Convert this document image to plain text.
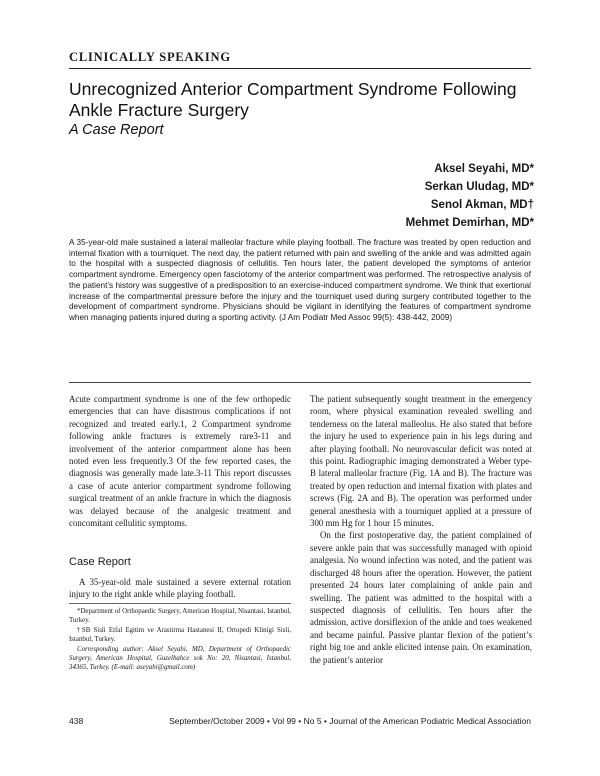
CLINICALLY SPEAKING
Unrecognized Anterior Compartment Syndrome Following
Ankle Fracture Surgery
A Case Report
Aksel Seyahi, MD*
Serkan Uludag, MD*
Senol Akman, MD†
Mehmet Demirhan, MD*
A 35-year-old male sustained a lateral malleolar fracture while playing football. The fracture was treated by open reduction and internal fixation with a tourniquet. The next day, the patient returned with pain and swelling of the ankle and was admitted again to the hospital with a suspected diagnosis of cellulitis. Ten hours later, the patient developed the symptoms of anterior compartment syndrome. Emergency open fasciotomy of the anterior compartment was performed. The retrospective analysis of the patient’s history was suggestive of a predisposition to an exercise-induced compartment syndrome. We think that exertional increase of the compartmental pressure before the injury and the tourniquet used during surgery contributed together to the development of compartment syndrome. Physicians should be vigilant in identifying the features of compartment syndrome when managing patients injured during a sporting activity. (J Am Podiatr Med Assoc 99(5): 438-442, 2009)

Acute compartment syndrome is one of the few orthopedic emergencies that can have disastrous complications if not recognized and treated early.1, 2 Compartment syndrome following ankle fractures is extremely rare3-11 and involvement of the anterior compartment alone has been noted even less frequently.3 Of the few reported cases, the diagnosis was generally made late.3-11 This report discusses a case of acute anterior compartment syndrome following surgical treatment of an ankle fracture in which the diagnosis was delayed because of the analgesic treatment and concomitant cellulitic symptoms.

Case Report

A 35-year-old male sustained a severe external rotation injury to the right ankle while playing football.

*Department of Orthopaedic Surgery, American Hospital, Nisantasi, Istanbul, Turkey.

†SB Sisli Etfal Egitim ve Arastirma Hastanesi II, Ortopedi Klinigi Sisli, Istanbul, Turkey.

Corresponding author: Aksel Seyahi, MD, Department of Orthopaedic Surgery, American Hospital, Guzelbahce sok No: 20, Nisantasi, Istanbul, 34365, Turkey. (E-mail: aseyahi@gmail.com)

The patient subsequently sought treatment in the emergency room, where physical examination revealed swelling and tenderness on the lateral malleolus. He also stated that before the injury he used to experience pain in his legs during and after playing football. No neurovascular deficit was noted at this point. Radiographic imaging demonstrated a Weber type-B lateral malleolar fracture (Fig. 1A and B). The fracture was treated by open reduction and internal fixation with plates and screws (Fig. 2A and B). The operation was performed under general anesthesia with a tourniquet applied at a pressure of 300 mm Hg for 1 hour 15 minutes.

On the first postoperative day, the patient complained of severe ankle pain that was successfully managed with opioid analgesia. No wound infection was noted, and the patient was discharged 48 hours after the operation. However, the patient presented 24 hours later complaining of ankle pain and swelling. The patient was admitted to the hospital with a suspected diagnosis of cellulitis. Ten hours after the admission, active dorsiflexion of the ankle and toes weakened and became painful. Passive plantar flexion of the patient’s right big toe and ankle elicited intense pain. On examination, the patient’s anterior

438	September/October 2009 • Vol 99 • No 5 • Journal of the American Podiatric Medical Association
